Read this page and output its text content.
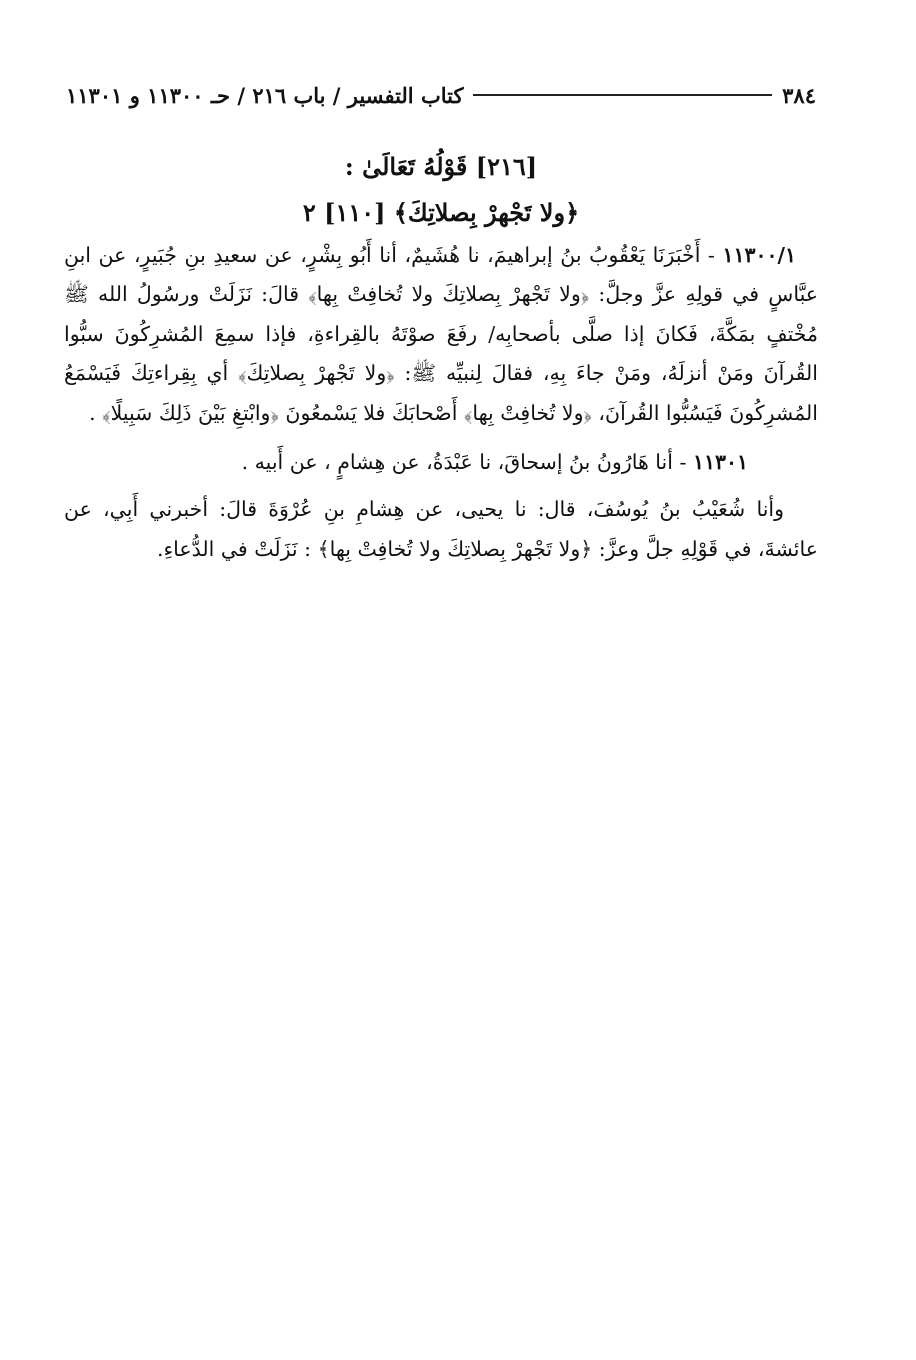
٣٨٤
كتاب التفسير / باب ٢١٦ / حـ ١١٣٠٠ و ١١٣٠١
[٢١٦] قَوْلُهُ تَعَالَىٰ :
﴿ولا تَجْهرْ بِصلاتِكَ﴾ [١١٠] ٢

١١٣٠٠/١ - أَخْبَرَنَا يَعْقُوبُ بنُ إبراهيمَ، نا هُشَيمٌ، أنا أَبُو بِشْرٍ، عن سعيدِ بنِ جُبَيرٍ، عن ابنِ عبَّاسٍ في قولِهِ عزَّ وجلَّ: ﴿ولا تَجْهرْ بِصلاتِكَ ولا تُخافِتْ بِها﴾ قالَ: نَزَلَتْ ورسُولُ الله ﷺ مُخْتفٍ بمَكَّةَ، فَكانَ إذا صلَّى بأصحابِه/ رفَعَ صوْتَهُ بالقِراءةِ، فإذا سمِعَ المُشرِكُونَ سبُّوا القُرآنَ ومَنْ أنزلَهُ، ومَنْ جاءَ بِهِ، فقالَ لِنبيِّه ﷺ: ﴿ولا تَجْهرْ بِصلاتِكَ﴾ أي بِقِراءتِكَ فَيَسْمَعُ المُشرِكُونَ فَيَسُبُّوا القُرآنَ، ﴿ولا تُخافِتْ بِها﴾ أَصْحابَكَ فلا يَسْمعُونَ ﴿وابْتغِ بَيْنَ ذَلِكَ سَبِيلًا﴾ .

١١٣٠١ - أنا هَارُونُ بنُ إسحاقَ، نا عَبْدَةُ، عن هِشامٍ ، عن أَبيه .

وأنا شُعَيْبُ بنُ يُوسُفَ، قال: نا يحيى، عن هِشامِ بنِ عُرْوَةَ قالَ: أخبرني أَبِي، عن عائشةَ، في قَوْلِهِ جلَّ وعزَّ: ﴿ولا تَجْهرْ بِصلاتِكَ ولا تُخافِتْ بِها﴾ : نَزَلَتْ في الدُّعاءِ.
